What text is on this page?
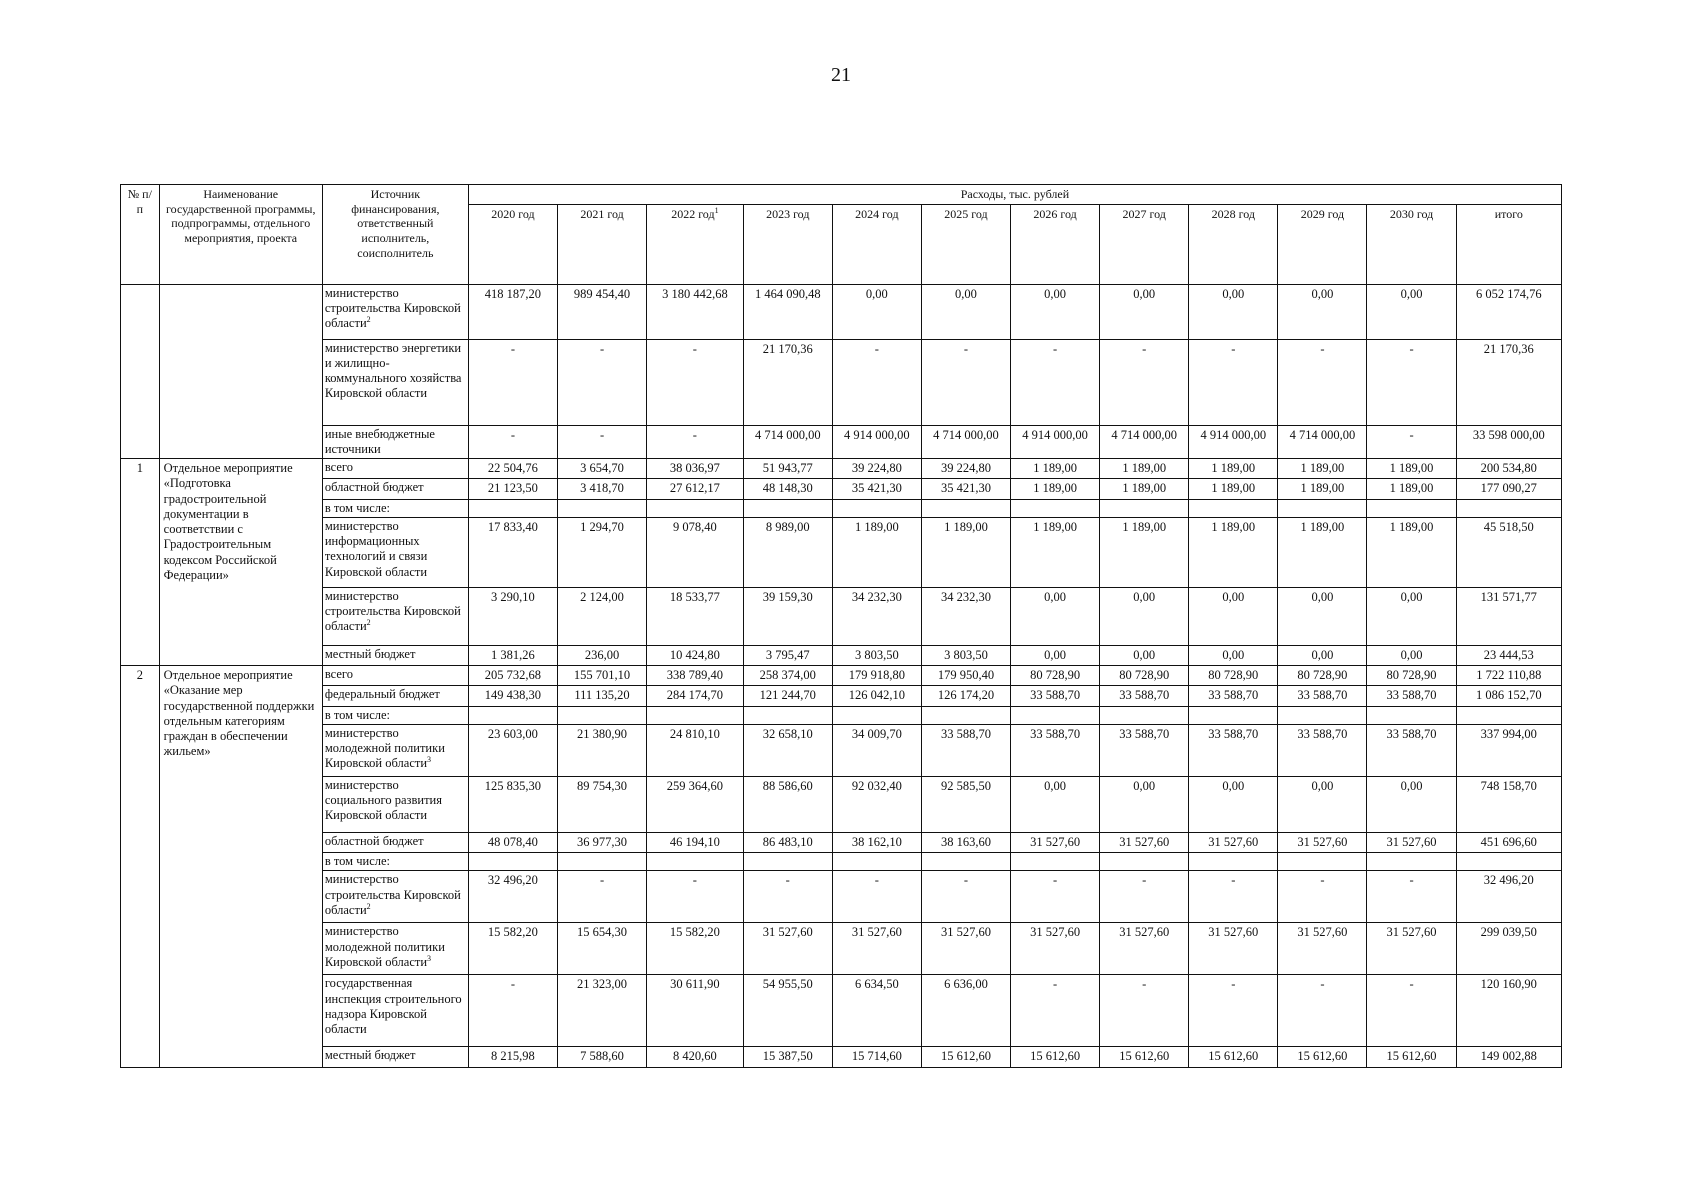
21
№ п/п	Наименование государственной программы, подпрограммы, отдельного мероприятия, проекта	Источник финансирования, ответственный исполнитель, соисполнитель	Расходы, тыс. рублей											
			2020 год	2021 год	2022 год$^1$	2023 год	2024 год	2025 год	2026 год	2027 год	2028 год	2029 год	2030 год	итого
		министерство строительства Кировской области$^2$	418 187,20	989 454,40	3 180 442,68	1 464 090,48	0,00	0,00	0,00	0,00	0,00	0,00	0,00	6 052 174,76
		министерство энергетики и жилищно-коммунального хозяйства Кировской области	-	-	-	21 170,36	-	-	-	-	-	-	-	21 170,36
		иные внебюджетные источники	-	-	-	4 714 000,00	4 914 000,00	4 714 000,00	4 914 000,00	4 714 000,00	4 914 000,00	4 714 000,00	-	33 598 000,00
1	Отдельное мероприятие «Подготовка градостроительной документации в соответствии с Градостроительным кодексом Российской Федерации»	всего	22 504,76	3 654,70	38 036,97	51 943,77	39 224,80	39 224,80	1 189,00	1 189,00	1 189,00	1 189,00	1 189,00	200 534,80
		областной бюджет	21 123,50	3 418,70	27 612,17	48 148,30	35 421,30	35 421,30	1 189,00	1 189,00	1 189,00	1 189,00	1 189,00	177 090,27
		в том числе:												
		министерство информационных технологий и связи Кировской области	17 833,40	1 294,70	9 078,40	8 989,00	1 189,00	1 189,00	1 189,00	1 189,00	1 189,00	1 189,00	1 189,00	45 518,50
		министерство строительства Кировской области$^2$	3 290,10	2 124,00	18 533,77	39 159,30	34 232,30	34 232,30	0,00	0,00	0,00	0,00	0,00	131 571,77
		местный бюджет	1 381,26	236,00	10 424,80	3 795,47	3 803,50	3 803,50	0,00	0,00	0,00	0,00	0,00	23 444,53
2	Отдельное мероприятие «Оказание мер государственной поддержки отдельным категориям граждан в обеспечении жильем»	всего	205 732,68	155 701,10	338 789,40	258 374,00	179 918,80	179 950,40	80 728,90	80 728,90	80 728,90	80 728,90	80 728,90	1 722 110,88
		федеральный бюджет	149 438,30	111 135,20	284 174,70	121 244,70	126 042,10	126 174,20	33 588,70	33 588,70	33 588,70	33 588,70	33 588,70	1 086 152,70
		в том числе:												
		министерство молодежной политики Кировской области$^3$	23 603,00	21 380,90	24 810,10	32 658,10	34 009,70	33 588,70	33 588,70	33 588,70	33 588,70	33 588,70	33 588,70	337 994,00
		министерство социального развития Кировской области	125 835,30	89 754,30	259 364,60	88 586,60	92 032,40	92 585,50	0,00	0,00	0,00	0,00	0,00	748 158,70
		областной бюджет	48 078,40	36 977,30	46 194,10	86 483,10	38 162,10	38 163,60	31 527,60	31 527,60	31 527,60	31 527,60	31 527,60	451 696,60
		в том числе:												
		министерство строительства Кировской области$^2$	32 496,20	-	-	-	-	-	-	-	-	-	-	32 496,20
		министерство молодежной политики Кировской области$^3$	15 582,20	15 654,30	15 582,20	31 527,60	31 527,60	31 527,60	31 527,60	31 527,60	31 527,60	31 527,60	31 527,60	299 039,50
		государственная инспекция строительного надзора Кировской области	-	21 323,00	30 611,90	54 955,50	6 634,50	6 636,00	-	-	-	-	-	120 160,90
		местный бюджет	8 215,98	7 588,60	8 420,60	15 387,50	15 714,60	15 612,60	15 612,60	15 612,60	15 612,60	15 612,60	15 612,60	149 002,88
